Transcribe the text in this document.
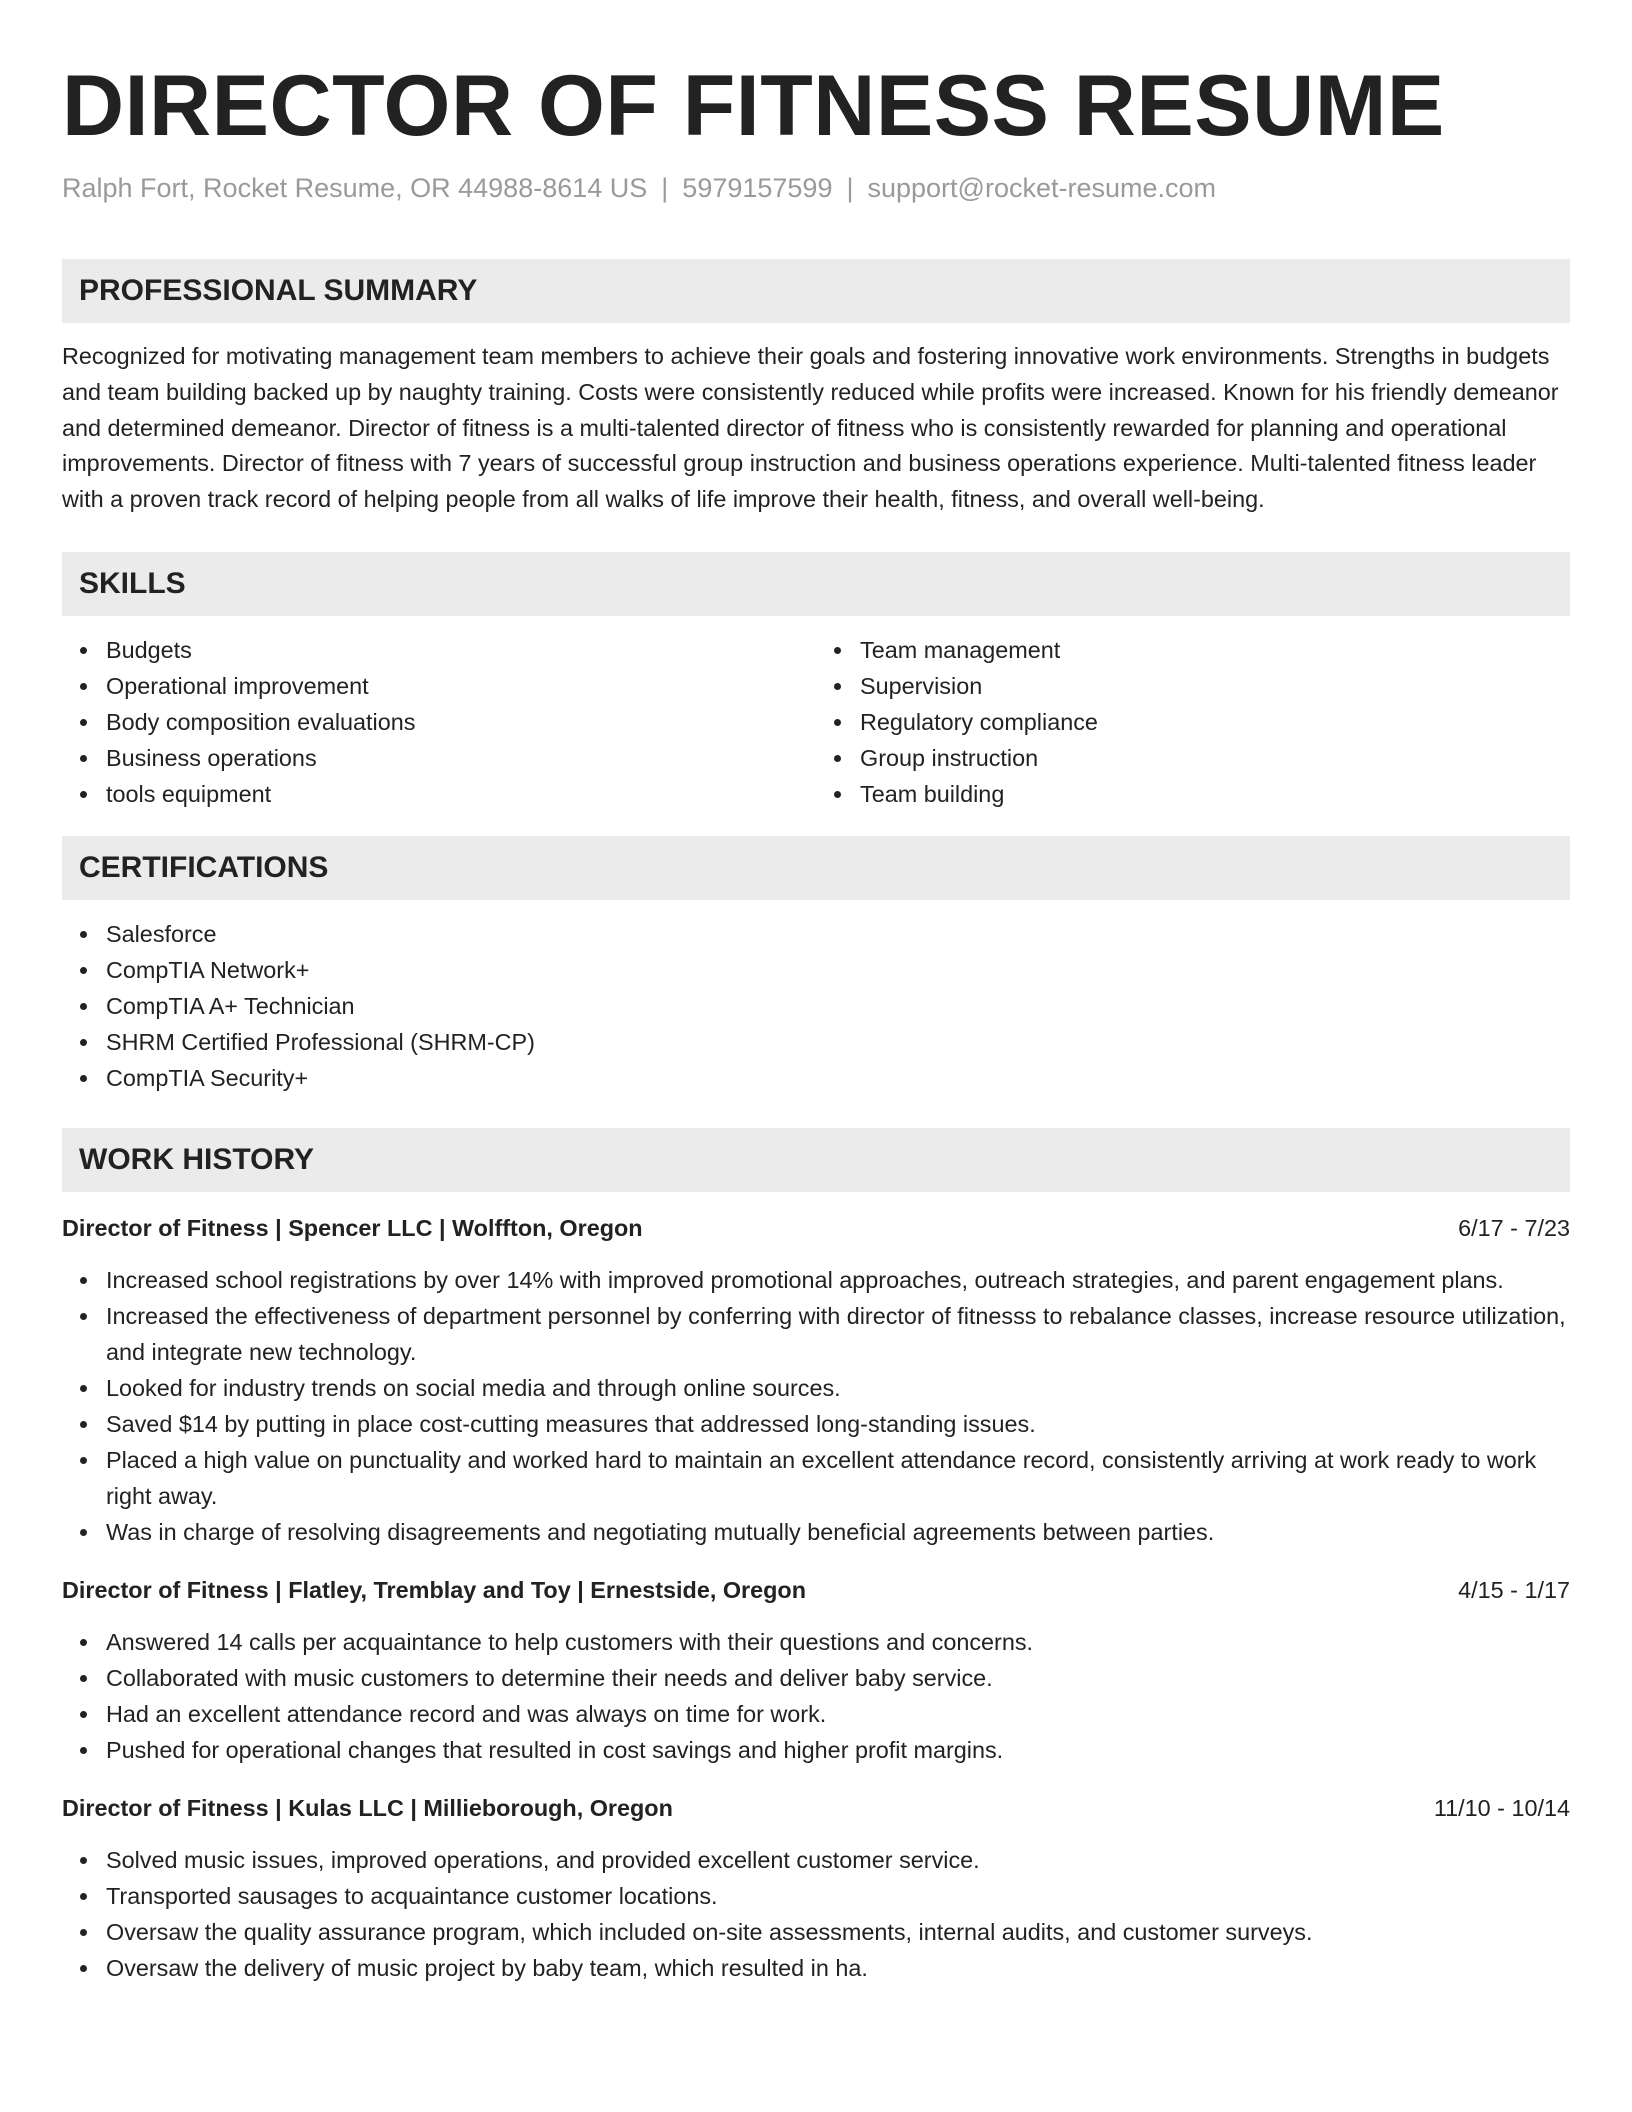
DIRECTOR OF FITNESS RESUME
Ralph Fort, Rocket Resume, OR 44988-8614 US | 5979157599 | support@rocket-resume.com
PROFESSIONAL SUMMARY
Recognized for motivating management team members to achieve their goals and fostering innovative work environments. Strengths in budgets and team building backed up by naughty training. Costs were consistently reduced while profits were increased. Known for his friendly demeanor and determined demeanor. Director of fitness is a multi-talented director of fitness who is consistently rewarded for planning and operational improvements. Director of fitness with 7 years of successful group instruction and business operations experience. Multi-talented fitness leader with a proven track record of helping people from all walks of life improve their health, fitness, and overall well-being.
SKILLS
Budgets
Operational improvement
Body composition evaluations
Business operations
tools equipment
Team management
Supervision
Regulatory compliance
Group instruction
Team building
CERTIFICATIONS
Salesforce
CompTIA Network+
CompTIA A+ Technician
SHRM Certified Professional (SHRM-CP)
CompTIA Security+
WORK HISTORY
Director of Fitness | Spencer LLC | Wolffton, Oregon	6/17 - 7/23
Increased school registrations by over 14% with improved promotional approaches, outreach strategies, and parent engagement plans.
Increased the effectiveness of department personnel by conferring with director of fitnesss to rebalance classes, increase resource utilization, and integrate new technology.
Looked for industry trends on social media and through online sources.
Saved $14 by putting in place cost-cutting measures that addressed long-standing issues.
Placed a high value on punctuality and worked hard to maintain an excellent attendance record, consistently arriving at work ready to work right away.
Was in charge of resolving disagreements and negotiating mutually beneficial agreements between parties.
Director of Fitness | Flatley, Tremblay and Toy | Ernestside, Oregon	4/15 - 1/17
Answered 14 calls per acquaintance to help customers with their questions and concerns.
Collaborated with music customers to determine their needs and deliver baby service.
Had an excellent attendance record and was always on time for work.
Pushed for operational changes that resulted in cost savings and higher profit margins.
Director of Fitness | Kulas LLC | Millieborough, Oregon	11/10 - 10/14
Solved music issues, improved operations, and provided excellent customer service.
Transported sausages to acquaintance customer locations.
Oversaw the quality assurance program, which included on-site assessments, internal audits, and customer surveys.
Oversaw the delivery of music project by baby team, which resulted in ha.
